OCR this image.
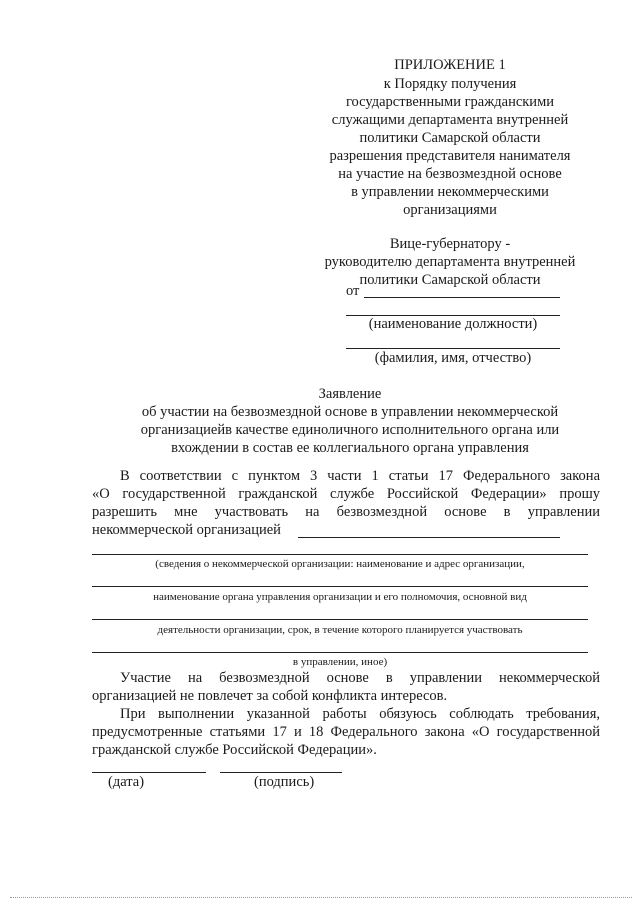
ПРИЛОЖЕНИЕ 1
к Порядку получения
государственными гражданскими
служащими департамента внутренней
политики Самарской области
разрешения представителя нанимателя
на участие на безвозмездной основе
в управлении некоммерческими
организациями
Вице-губернатору -
руководителю департамента внутренней
политики Самарской области
от
(наименование должности)
(фамилия, имя, отчество)
Заявление
об участии на безвозмездной основе в управлении некоммерческой
организациейв качестве единоличного исполнительного органа или
вхождении в состав ее коллегиального органа управления
В соответствии с пунктом 3 части 1 статьи 17 Федерального закона
«О государственной гражданской службе Российской Федерации» прошу
разрешить мне участвовать на безвозмездной основе в управлении
некоммерческой организацией
(сведения о некоммерческой организации: наименование и адрес организации,
наименование органа управления организации и его полномочия, основной вид
деятельности организации, срок, в течение которого планируется участвовать
в управлении, иное)
Участие на безвозмездной основе в управлении некоммерческой
организацией не повлечет за собой конфликта интересов.
При выполнении указанной работы обязуюсь соблюдать требования,
предусмотренные статьями 17 и 18 Федерального закона «О государственной
гражданской службе Российской Федерации».
(дата)	(подпись)
